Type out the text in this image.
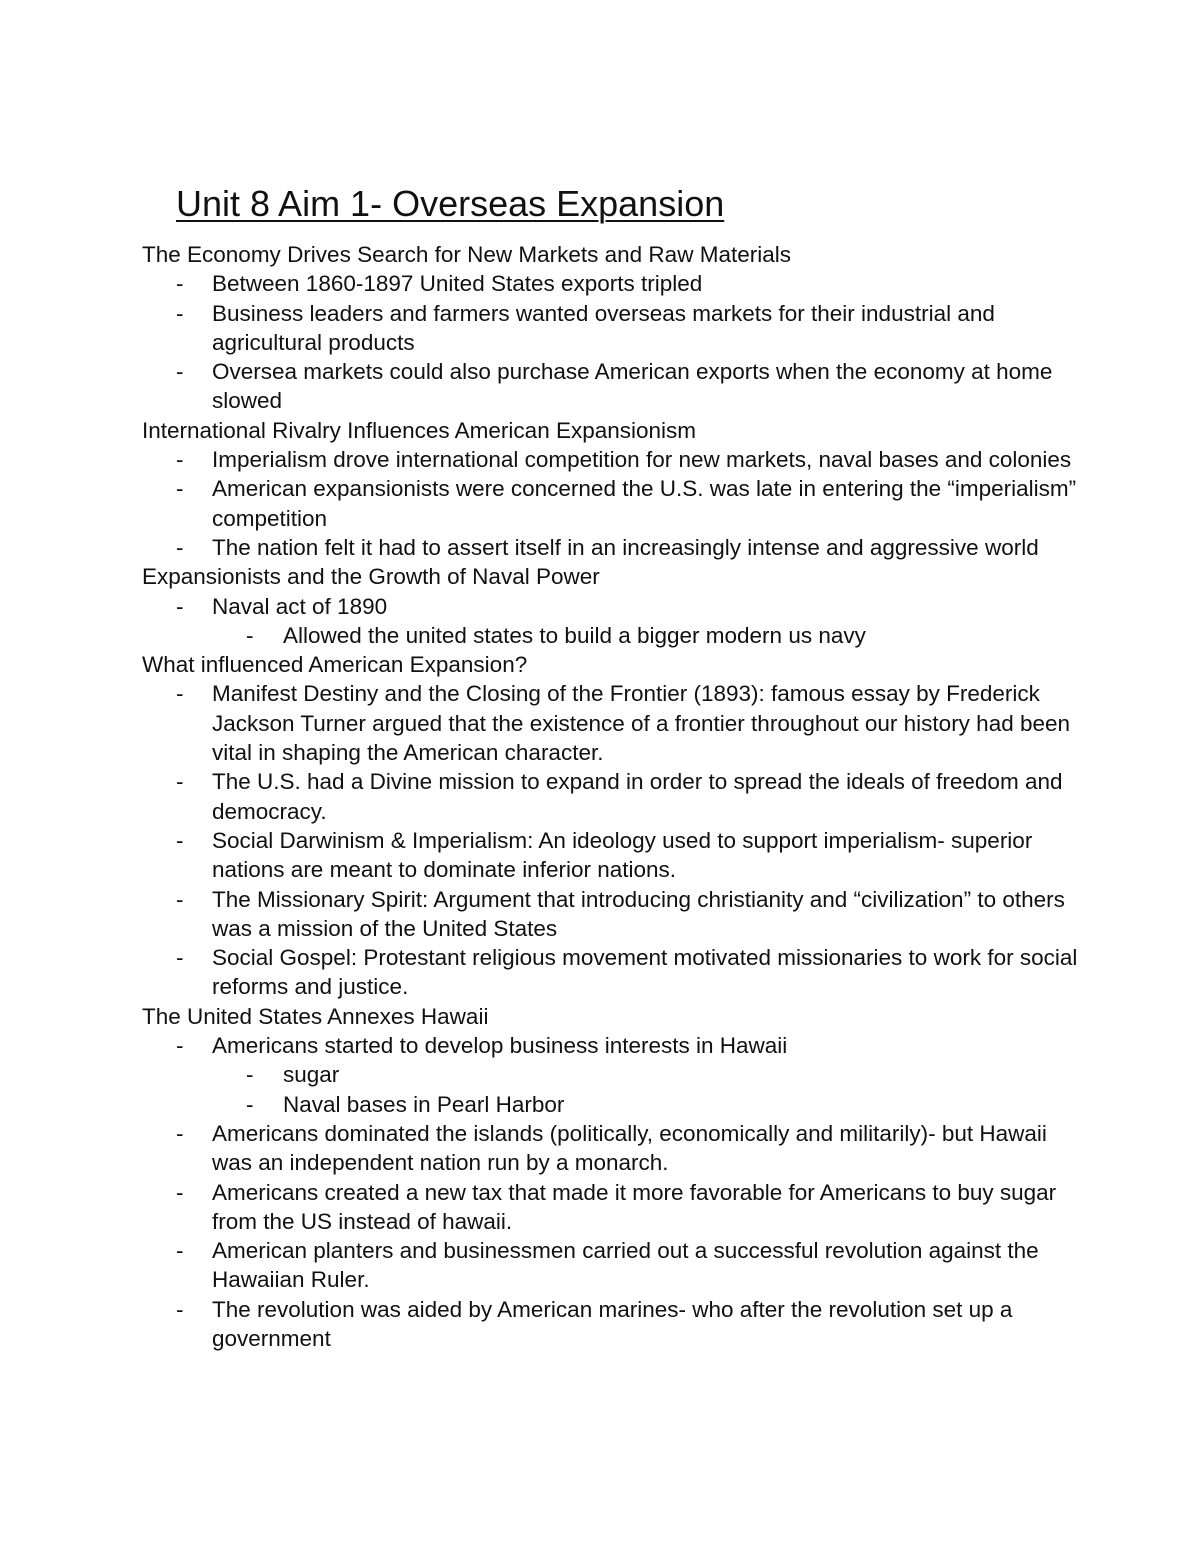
Unit 8 Aim 1- Overseas Expansion
The Economy Drives Search for New Markets and Raw Materials
- Between 1860-1897 United States exports tripled
- Business leaders and farmers wanted overseas markets for their industrial and agricultural products
- Oversea markets could also purchase American exports when the economy at home slowed
International Rivalry Influences American Expansionism
- Imperialism drove international competition for new markets, naval bases and colonies
- American expansionists were concerned the U.S. was late in entering the “imperialism” competition
- The nation felt it had to assert itself in an increasingly intense and aggressive world
Expansionists and the Growth of Naval Power
- Naval act of 1890
- Allowed the united states to build a bigger modern us navy
What influenced American Expansion?
- Manifest Destiny and the Closing of the Frontier (1893): famous essay by Frederick Jackson Turner argued that the existence of a frontier throughout our history had been vital in shaping the American character.
- The U.S. had a Divine mission to expand in order to spread the ideals of freedom and democracy.
- Social Darwinism & Imperialism: An ideology used to support imperialism- superior nations are meant to dominate inferior nations.
- The Missionary Spirit: Argument that introducing christianity and “civilization” to others was a mission of the United States
- Social Gospel: Protestant religious movement motivated missionaries to work for social reforms and justice.
The United States Annexes Hawaii
- Americans started to develop business interests in Hawaii
- sugar
- Naval bases in Pearl Harbor
- Americans dominated the islands (politically, economically and militarily)- but Hawaii was an independent nation run by a monarch.
- Americans created a new tax that made it more favorable for Americans to buy sugar from the US instead of hawaii.
- American planters and businessmen carried out a successful revolution against the Hawaiian Ruler.
- The revolution was aided by American marines- who after the revolution set up a government
